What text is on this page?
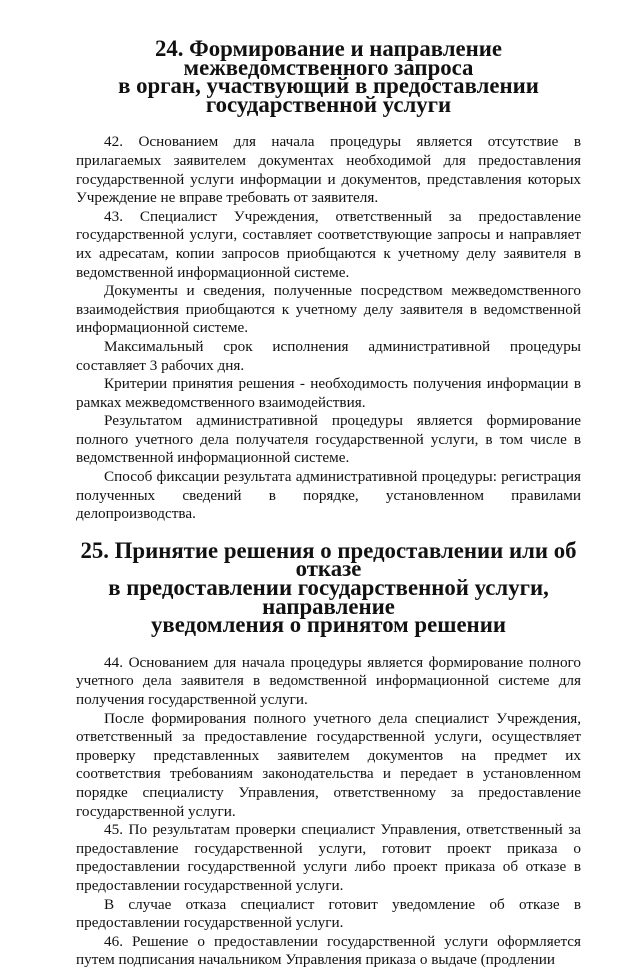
24. Формирование и направление межведомственного запроса
в орган, участвующий в предоставлении государственной услуги

42. Основанием для начала процедуры является отсутствие в прилагаемых заявителем документах необходимой для предоставления государственной услуги информации и документов, представления которых Учреждение не вправе требовать от заявителя.

43. Специалист Учреждения, ответственный за предоставление государственной услуги, составляет соответствующие запросы и направляет их адресатам, копии запросов приобщаются к учетному делу заявителя в ведомственной информационной системе.

Документы и сведения, полученные посредством межведомственного взаимодействия приобщаются к учетному делу заявителя в ведомственной информационной системе.

Максимальный срок исполнения административной процедуры составляет 3 рабочих дня.

Критерии принятия решения - необходимость получения информации в рамках межведомственного взаимодействия.

Результатом административной процедуры является формирование полного учетного дела получателя государственной услуги, в том числе в ведомственной информационной системе.

Способ фиксации результата административной процедуры: регистрация полученных сведений в порядке, установленном правилами делопроизводства.

25. Принятие решения о предоставлении или об отказе
в предоставлении государственной услуги, направление
уведомления о принятом решении

44. Основанием для начала процедуры является формирование полного учетного дела заявителя в ведомственной информационной системе для получения государственной услуги.

После формирования полного учетного дела специалист Учреждения, ответственный за предоставление государственной услуги, осуществляет проверку представленных заявителем документов на предмет их соответствия требованиям законодательства и передает в установленном порядке специалисту Управления, ответственному за предоставление государственной услуги.

45. По результатам проверки специалист Управления, ответственный за предоставление государственной услуги, готовит проект приказа о предоставлении государственной услуги либо проект приказа об отказе в предоставлении государственной услуги.

В случае отказа специалист готовит уведомление об отказе в предоставлении государственной услуги.

46. Решение о предоставлении государственной услуги оформляется путем подписания начальником Управления приказа о выдаче (продлении
